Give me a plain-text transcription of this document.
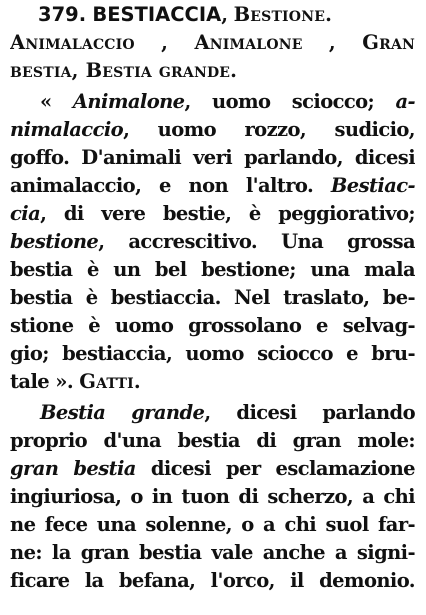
379. BESTIACCIA, Bestione.
Animalaccio , Animalone , Gran
bestia, Bestia grande.
« Animalone, uomo sciocco; a-
nimalaccio, uomo rozzo, sudicio,
goffo. D'animali veri parlando, dicesi
animalaccio, e non l'altro. Bestiac-
cia, di vere bestie, è peggiorativo;
bestione, accrescitivo. Una grossa
bestia è un bel bestione; una mala
bestia è bestiaccia. Nel traslato, be-
stione è uomo grossolano e selvag-
gio; bestiaccia, uomo sciocco e bru-
tale ». Gatti.
Bestia grande, dicesi parlando
proprio d'una bestia di gran mole:
gran bestia dicesi per esclamazione
ingiuriosa, o in tuon di scherzo, a chi
ne fece una solenne, o a chi suol far-
ne: la gran bestia vale anche a signi-
ficare la befana, l'orco, il demonio.
